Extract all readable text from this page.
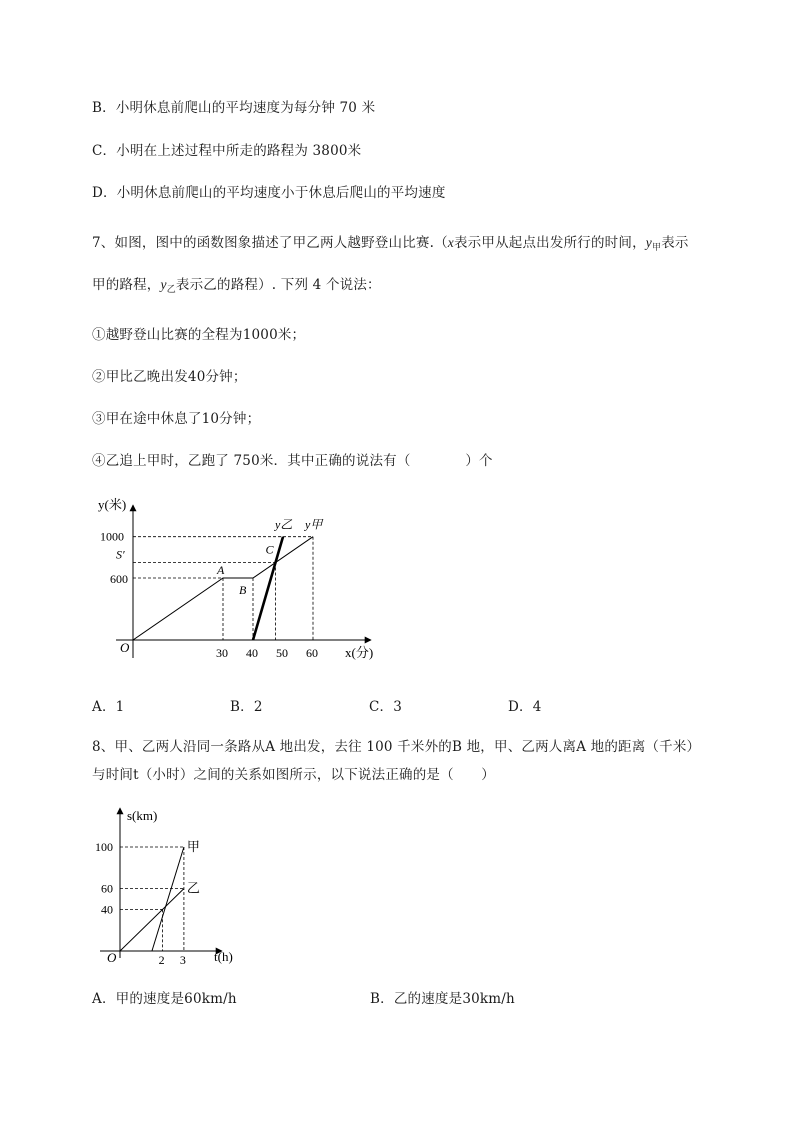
B．小明休息前爬山的平均速度为每分钟 70 米
C．小明在上述过程中所走的路程为 3800米
D．小明休息前爬山的平均速度小于休息后爬山的平均速度
7、如图，图中的函数图象描述了甲乙两人越野登山比赛.（x表示甲从起点出发所行的时间，$y_甲$表示
甲的路程，$y_乙$表示乙的路程）. 下列 4 个说法：
①越野登山比赛的全程为1000米；
②甲比乙晚出发40分钟；
③甲在途中休息了10分钟；
④乙追上甲时，乙跑了 750米．其中正确的说法有（　　　　）个
y(米)
x(分)
O	30 40 50 60
1000
S′
600
A
B
C
y乙 y甲
A．1	B．2	C．3	D．4
8、甲、乙两人沿同一条路从A 地出发，去往 100 千米外的B 地，甲、乙两人离A 地的距离（千米）
与时间t（小时）之间的关系如图所示，以下说法正确的是（　　）
s(km)
t(h)
O
甲
乙
100
60
40
2 3
A．甲的速度是60km/h	B．乙的速度是30km/h
